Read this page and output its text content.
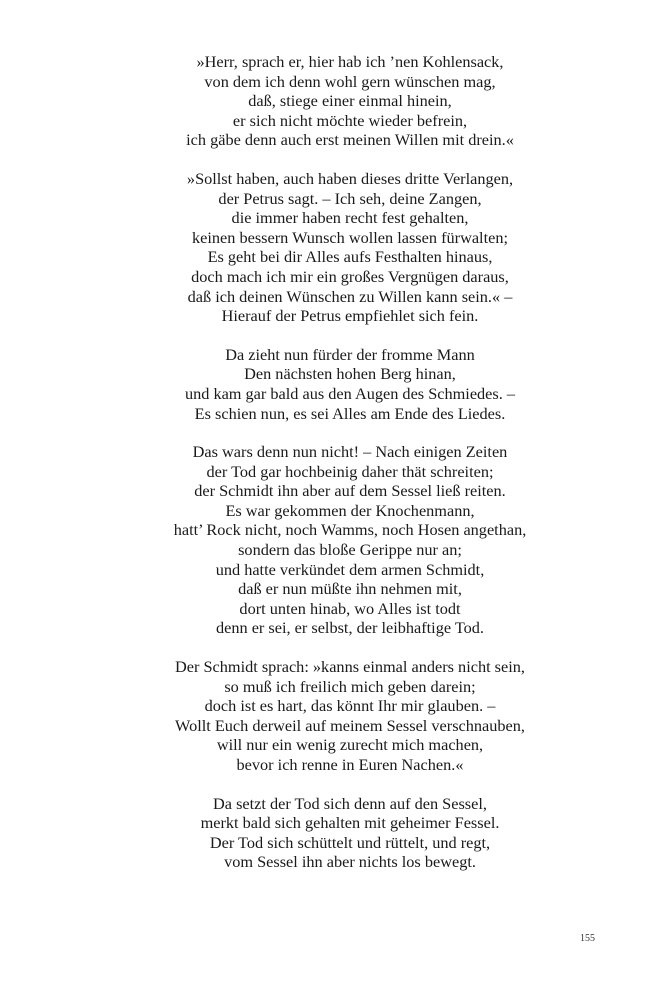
»Herr, sprach er, hier hab ich ’nen Kohlensack,
von dem ich denn wohl gern wünschen mag,
daß, stiege einer einmal hinein,
er sich nicht möchte wieder befrein,
ich gäbe denn auch erst meinen Willen mit drein.«
»Sollst haben, auch haben dieses dritte Verlangen,
der Petrus sagt. – Ich seh, deine Zangen,
die immer haben recht fest gehalten,
keinen bessern Wunsch wollen lassen fürwalten;
Es geht bei dir Alles aufs Festhalten hinaus,
doch mach ich mir ein großes Vergnügen daraus,
daß ich deinen Wünschen zu Willen kann sein.« –
Hierauf der Petrus empfiehlet sich fein.
Da zieht nun fürder der fromme Mann
Den nächsten hohen Berg hinan,
und kam gar bald aus den Augen des Schmiedes. –
Es schien nun, es sei Alles am Ende des Liedes.
Das wars denn nun nicht! – Nach einigen Zeiten
der Tod gar hochbeinig daher thät schreiten;
der Schmidt ihn aber auf dem Sessel ließ reiten.
Es war gekommen der Knochenmann,
hatt’ Rock nicht, noch Wamms, noch Hosen angethan,
sondern das bloße Gerippe nur an;
und hatte verkündet dem armen Schmidt,
daß er nun müßte ihn nehmen mit,
dort unten hinab, wo Alles ist todt
denn er sei, er selbst, der leibhaftige Tod.
Der Schmidt sprach: »kanns einmal anders nicht sein,
so muß ich freilich mich geben darein;
doch ist es hart, das könnt Ihr mir glauben. –
Wollt Euch derweil auf meinem Sessel verschnauben,
will nur ein wenig zurecht mich machen,
bevor ich renne in Euren Nachen.«
Da setzt der Tod sich denn auf den Sessel,
merkt bald sich gehalten mit geheimer Fessel.
Der Tod sich schüttelt und rüttelt, und regt,
vom Sessel ihn aber nichts los bewegt.
155
